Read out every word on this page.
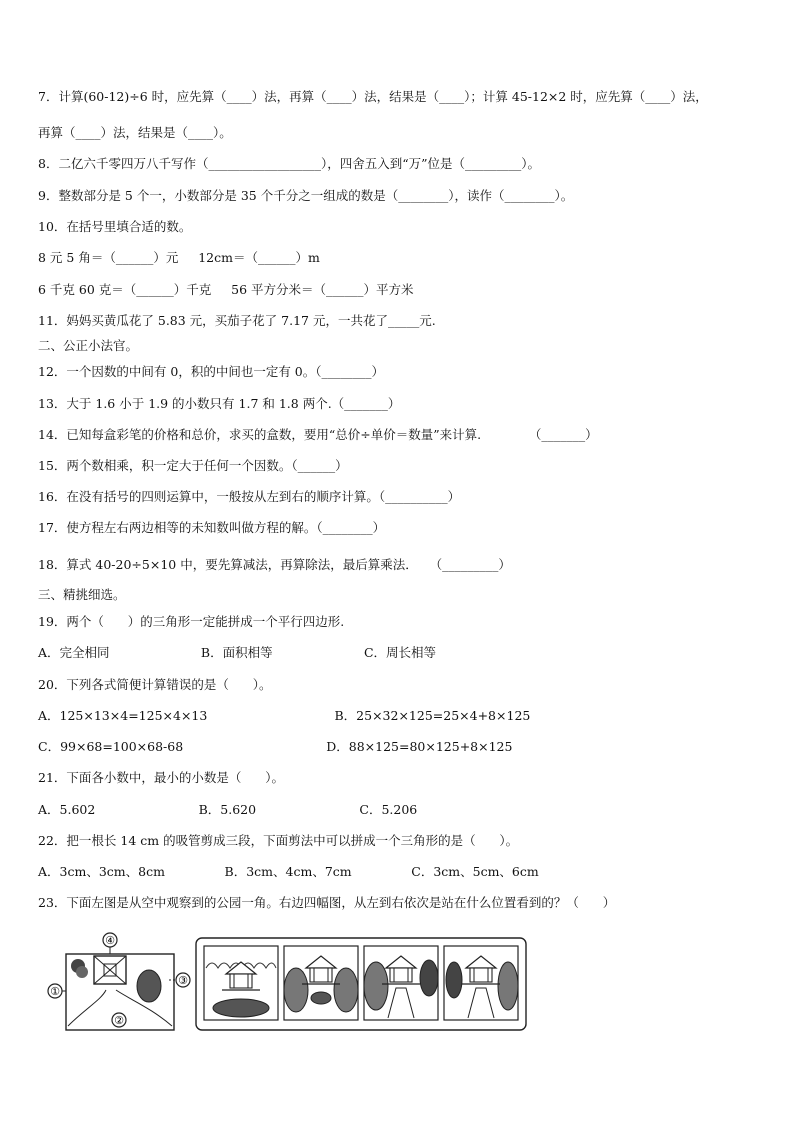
7．计算(60-12)÷6 时，应先算（____）法，再算（____）法，结果是（____）；计算 45-12×2 时，应先算（____）法，
再算（____）法，结果是（____）。
8．二亿六千零四万八千写作（__________________），四舍五入到“万”位是（_________）。
9．整数部分是 5 个一，小数部分是 35 个千分之一组成的数是（________），读作（________）。
10．在括号里填合适的数。
8 元 5 角＝（______）元     12cm＝（______）m
6 千克 60 克＝（______）千克     56 平方分米＝（______）平方米
11．妈妈买黄瓜花了 5.83 元，买茄子花了 7.17 元，一共花了_____元.
二、公正小法官。
12．一个因数的中间有 0，积的中间也一定有 0。（________）
13．大于 1.6 小于 1.9 的小数只有 1.7 和 1.8 两个.（_______）
14．已知每盒彩笔的价格和总价，求买的盒数，要用“总价÷单价＝数量”来计算.            （_______）
15．两个数相乘，积一定大于任何一个因数。（______）
16．在没有括号的四则运算中，一般按从左到右的顺序计算。（__________）
17．使方程左右两边相等的未知数叫做方程的解。（________）
18．算式 40-20÷5×10 中，要先算减法，再算除法，最后算乘法．   （_________）
三、精挑细选。
19．两个（      ）的三角形一定能拼成一个平行四边形.
A．完全相同                       B．面积相等                       C．周长相等
20．下列各式简便计算错误的是（      ）。
A．125×13×4=125×4×13                                B．25×32×125=25×4+8×125
C．99×68=100×68-68                                    D．88×125=80×125+8×125
21．下面各小数中，最小的小数是（      ）。
A．5.602                          B．5.620                          C．5.206
22．把一根长 14 cm 的吸管剪成三段，下面剪法中可以拼成一个三角形的是（      ）。
A．3cm、3cm、8cm               B．3cm、4cm、7cm               C．3cm、5cm、6cm
23．下面左图是从空中观察到的公园一角。右边四幅图，从左到右依次是站在什么位置看到的？（      ）
④
①
②
③
